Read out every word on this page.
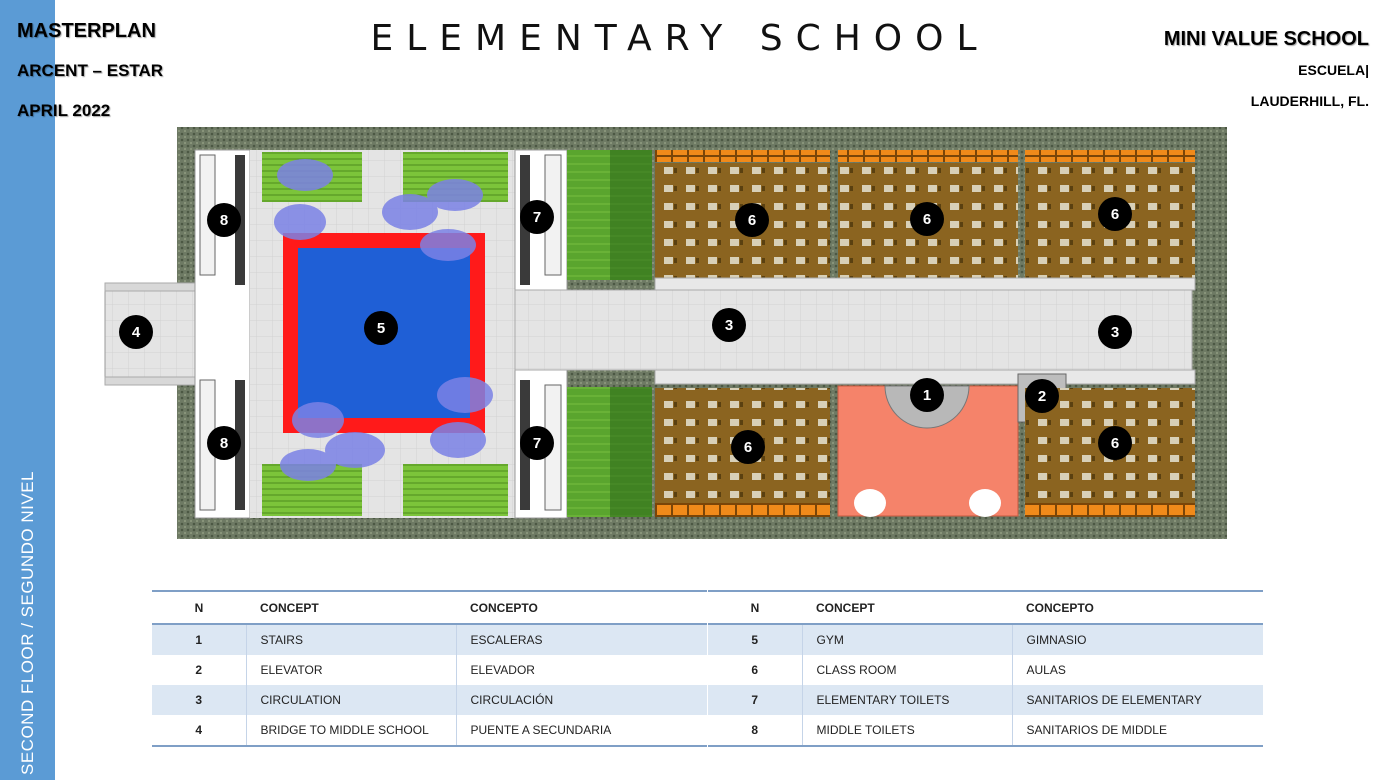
SECOND FLOOR / SEGUNDO NIVEL
MASTERPLAN
ARCENT – ESTAR
APRIL 2022
ELEMENTARY SCHOOL	MINI VALUE SCHOOL
ESCUELA|
LAUDERHILL, FL.
1	2
3	3
4	5
6	6	6
6	6
7
7
8
8
N	CONCEPT	CONCEPTO
1	STAIRS	ESCALERAS
2	ELEVATOR	ELEVADOR
3	CIRCULATION	CIRCULACIÓN
4	BRIDGE TO MIDDLE SCHOOL	PUENTE A SECUNDARIA
N	CONCEPT	CONCEPTO
5	GYM	GIMNASIO
6	CLASS ROOM	AULAS
7	ELEMENTARY TOILETS	SANITARIOS DE ELEMENTARY
8	MIDDLE TOILETS	SANITARIOS DE MIDDLE
